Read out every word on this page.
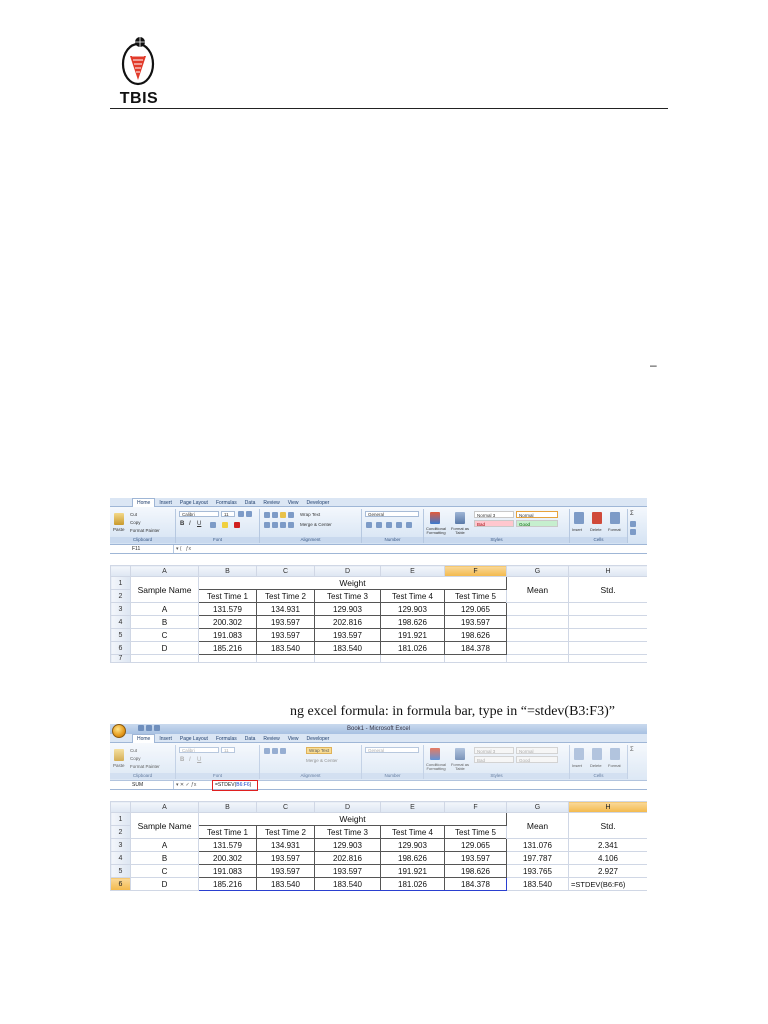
TBIS
–
Home Insert Page Layout Formulas Data Review View Developer
Paste
Cut
Copy
Format Painter
Clipboard
Calibri	11
B I U
Font
Wrap Text
Merge & Center
Alignment
General
Number
Conditional Formatting
Format as Table
Normal 3	Normal
Bad	Good
Styles
Insert Delete Format
Cells
Σ
F11	▾ (   ƒx
	A	B	C	D	E	F	G	H
1	Sample Name	Weight					Mean	Std.
2		Test Time 1	Test Time 2	Test Time 3	Test Time 4	Test Time 5		
3	A	131.579	134.931	129.903	129.903	129.065		
4	B	200.302	193.597	202.816	198.626	193.597		
5	C	191.083	193.597	193.597	191.921	198.626		
6	D	185.216	183.540	183.540	181.026	184.378		
7								
ng excel formula: in formula bar, type in “=stdev(B3:F3)”
Book1 - Microsoft Excel
Home Insert Page Layout Formulas Data Review View Developer
Paste
Cut
Copy
Format Painter
Clipboard
Calibri	11
B I U
Font
Wrap Text
Merge & Center
Alignment
General
Number
Conditional Formatting
Format as Table
Normal 3	Normal
Bad	Good
Styles
Insert Delete Format
Cells
Σ
SUM	▾ ✕ ✓ ƒx	=STDEV(B6:F6)
	A	B	C	D	E	F	G	H
1	Sample Name	Weight					Mean	Std.
2		Test Time 1	Test Time 2	Test Time 3	Test Time 4	Test Time 5		
3	A	131.579	134.931	129.903	129.903	129.065	131.076	2.341
4	B	200.302	193.597	202.816	198.626	193.597	197.787	4.106
5	C	191.083	193.597	193.597	191.921	198.626	193.765	2.927
6	D	185.216	183.540	183.540	181.026	184.378	183.540	=STDEV(B6:F6)
